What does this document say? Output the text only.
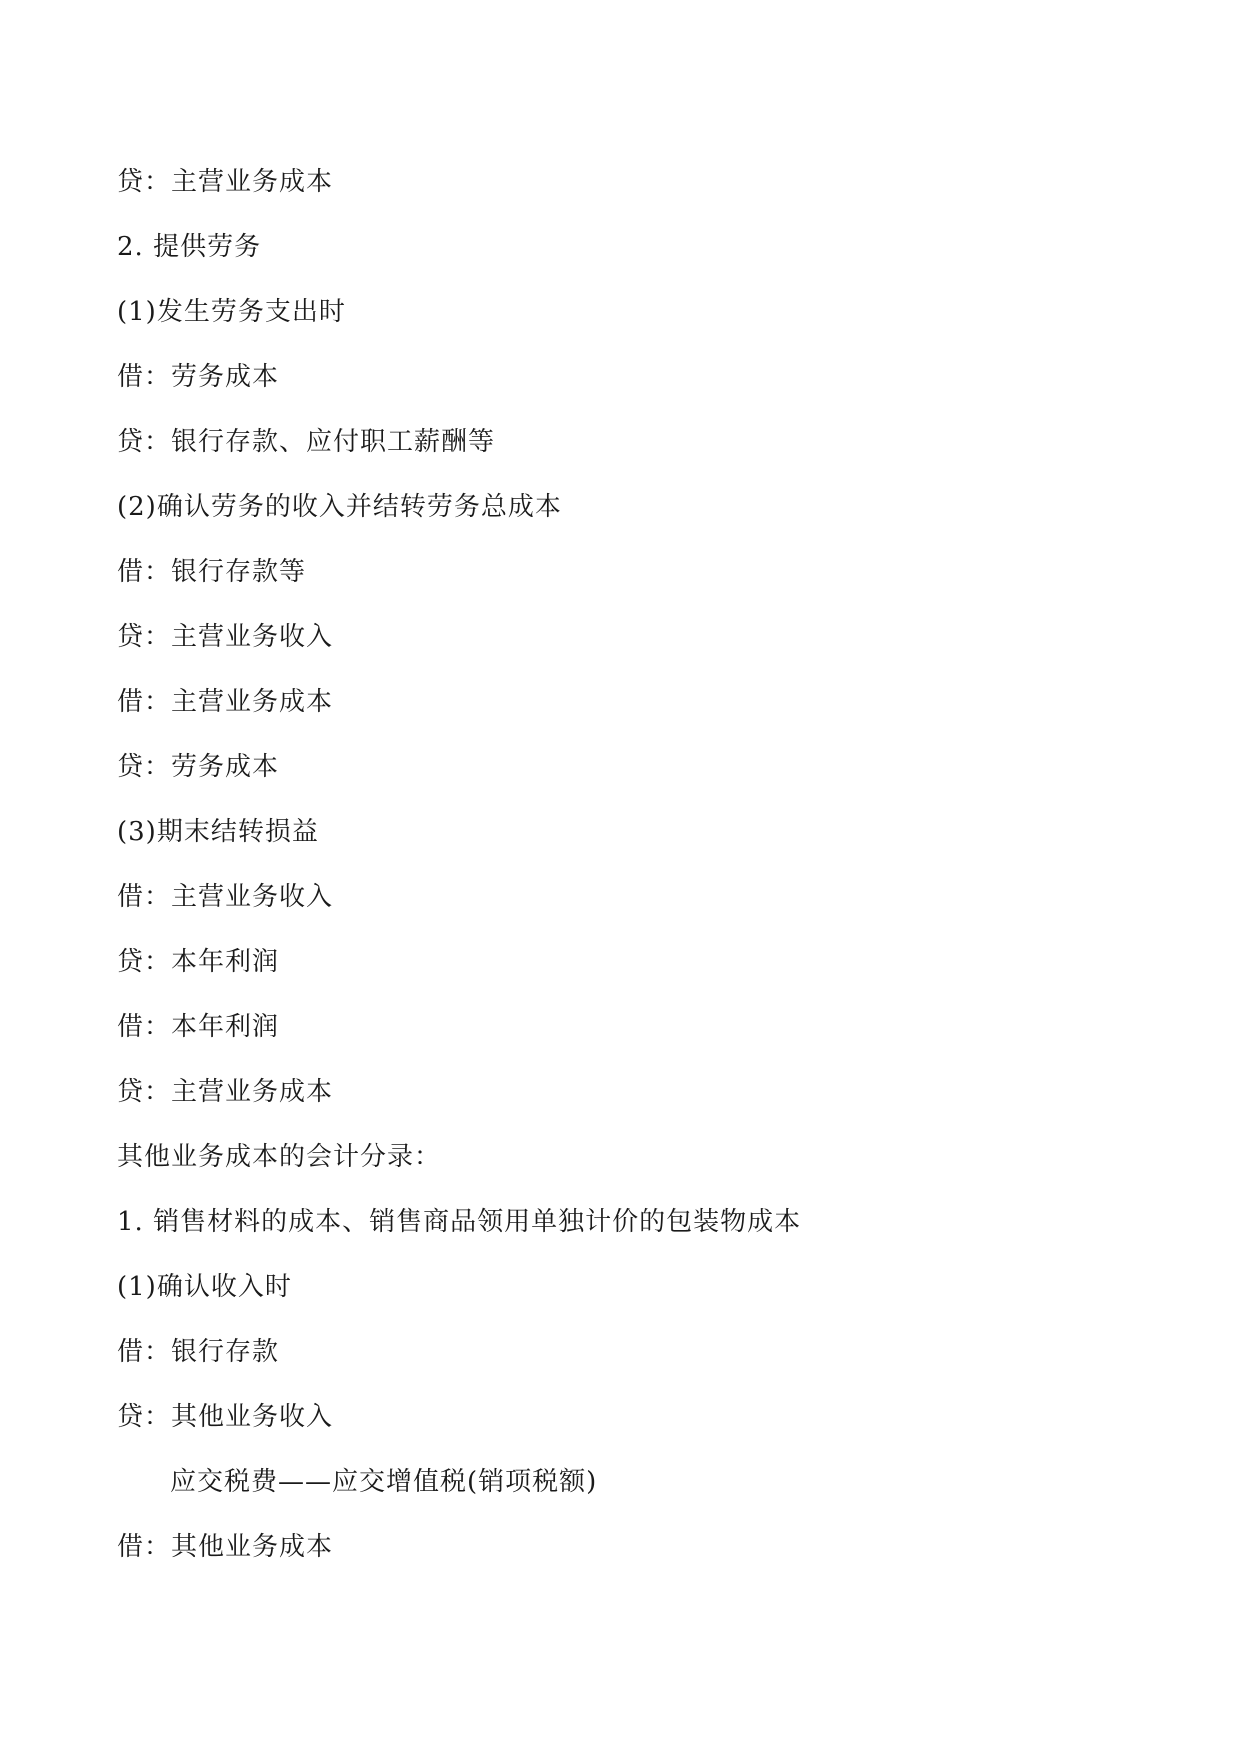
贷：主营业务成本
2. 提供劳务
(1)发生劳务支出时
借：劳务成本
贷：银行存款、应付职工薪酬等
(2)确认劳务的收入并结转劳务总成本
借：银行存款等
贷：主营业务收入
借：主营业务成本
贷：劳务成本
(3)期末结转损益
借：主营业务收入
贷：本年利润
借：本年利润
贷：主营业务成本
其他业务成本的会计分录：
1. 销售材料的成本、销售商品领用单独计价的包装物成本
(1)确认收入时
借：银行存款
贷：其他业务收入
应交税费——应交增值税(销项税额)
借：其他业务成本
